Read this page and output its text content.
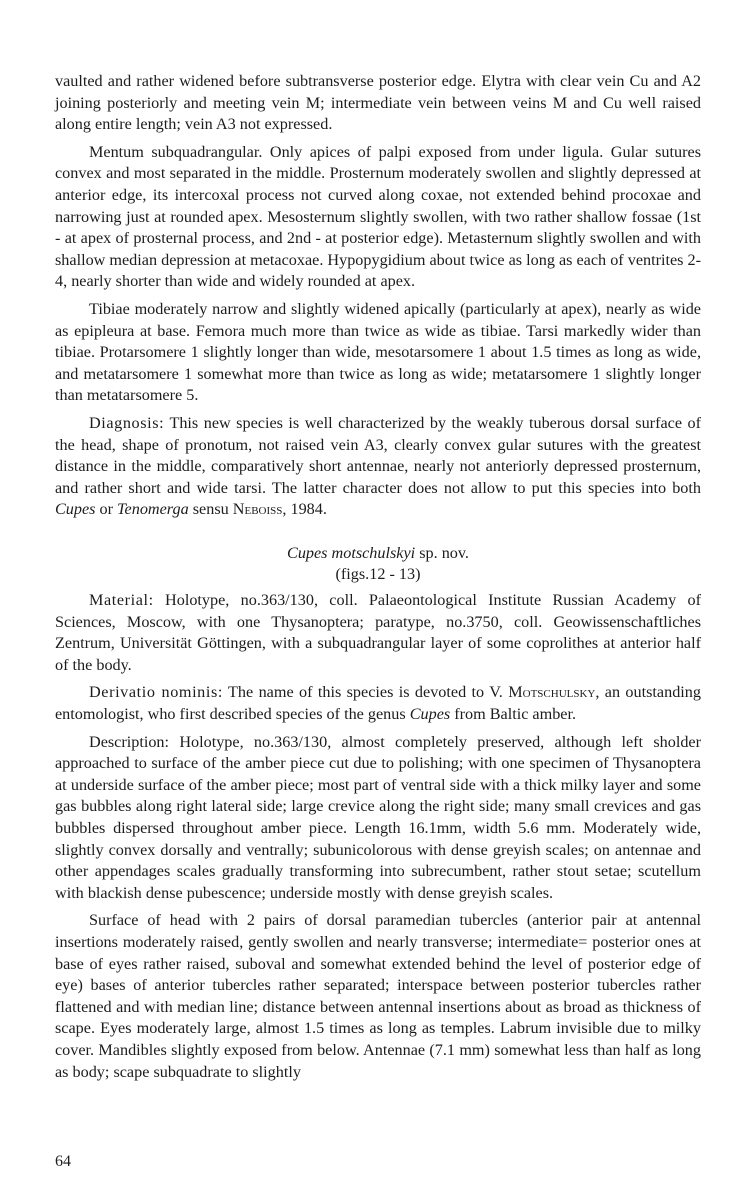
vaulted and rather widened before subtransverse posterior edge. Elytra with clear vein Cu and A2 joining posteriorly and meeting vein M; intermediate vein between veins M and Cu well raised along entire length; vein A3 not expressed.

Mentum subquadrangular. Only apices of palpi exposed from under ligula. Gular sutures convex and most separated in the middle. Prosternum moderately swollen and slightly depressed at anterior edge, its intercoxal process not curved along coxae, not extended behind procoxae and narrowing just at rounded apex. Mesosternum slightly swollen, with two rather shallow fossae (1st - at apex of prosternal process, and 2nd - at posterior edge). Metasternum slightly swollen and with shallow median depression at metacoxae. Hypopygidium about twice as long as each of ventrites 2-4, nearly shorter than wide and widely rounded at apex.

Tibiae moderately narrow and slightly widened apically (particularly at apex), nearly as wide as epipleura at base. Femora much more than twice as wide as tibiae. Tarsi markedly wider than tibiae. Protarsomere 1 slightly longer than wide, mesotarsomere 1 about 1.5 times as long as wide, and metatarsomere 1 somewhat more than twice as long as wide; metatarsomere 1 slightly longer than metatarsomere 5.

Diagnosis: This new species is well characterized by the weakly tuberous dorsal surface of the head, shape of pronotum, not raised vein A3, clearly convex gular sutures with the greatest distance in the middle, comparatively short antennae, nearly not anteriorly depressed prosternum, and rather short and wide tarsi. The latter character does not allow to put this species into both Cupes or Tenomerga sensu Neboiss, 1984.

Cupes motschulskyi sp. nov.

(figs.12 - 13)

Material: Holotype, no.363/130, coll. Palaeontological Institute Russian Academy of Sciences, Moscow, with one Thysanoptera; paratype, no.3750, coll. Geowissenschaftliches Zentrum, Universität Göttingen, with a subquadrangular layer of some coprolithes at anterior half of the body.

Derivatio nominis: The name of this species is devoted to V. Motschulsky, an outstanding entomologist, who first described species of the genus Cupes from Baltic amber.

Description: Holotype, no.363/130, almost completely preserved, although left sholder approached to surface of the amber piece cut due to polishing; with one specimen of Thysanoptera at underside surface of the amber piece; most part of ventral side with a thick milky layer and some gas bubbles along right lateral side; large crevice along the right side; many small crevices and gas bubbles dispersed throughout amber piece. Length 16.1mm, width 5.6 mm. Moderately wide, slightly convex dorsally and ventrally; subunicolorous with dense greyish scales; on antennae and other appendages scales gradually transforming into subrecumbent, rather stout setae; scutellum with blackish dense pubescence; underside mostly with dense greyish scales.

Surface of head with 2 pairs of dorsal paramedian tubercles (anterior pair at antennal insertions moderately raised, gently swollen and nearly transverse; intermediate= posterior ones at base of eyes rather raised, suboval and somewhat extended behind the level of posterior edge of eye) bases of anterior tubercles rather separated; interspace between posterior tubercles rather flattened and with median line; distance between antennal insertions about as broad as thickness of scape. Eyes moderately large, almost 1.5 times as long as temples. Labrum invisible due to milky cover. Mandibles slightly exposed from below. Antennae (7.1 mm) somewhat less than half as long as body; scape subquadrate to slightly

64
